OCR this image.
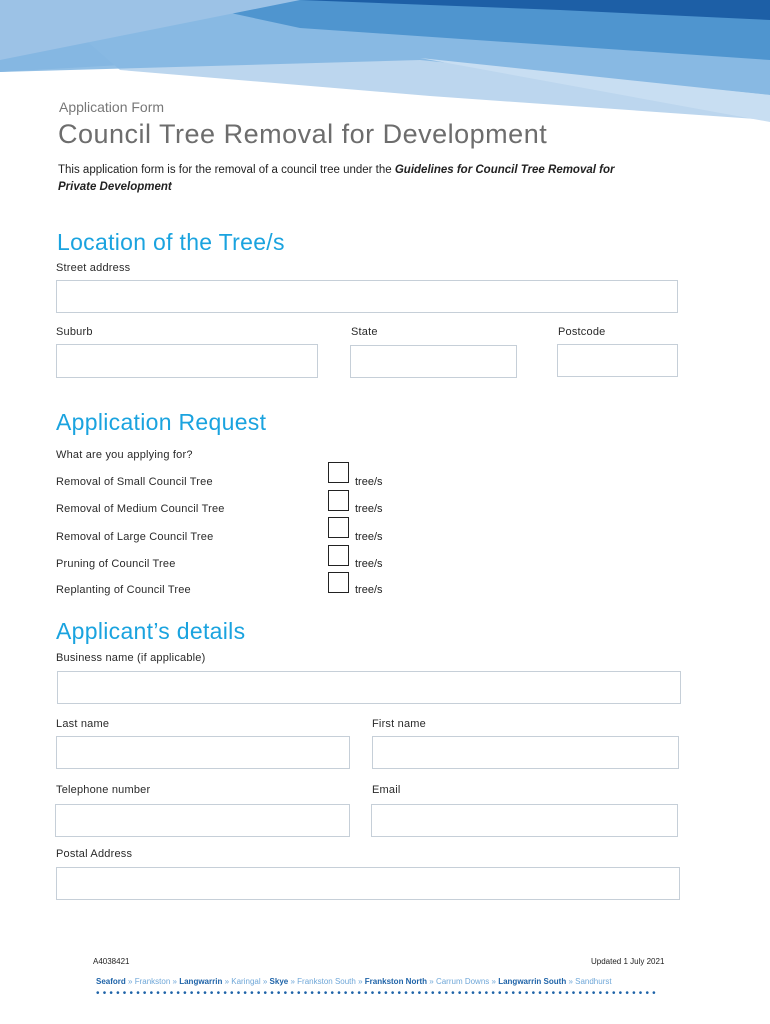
Application Form
Council Tree Removal for Development
This application form is for the removal of a council tree under the Guidelines for Council Tree Removal for Private Development
Location of the Tree/s
Street address
Suburb	State	Postcode
Application Request
What are you applying for?
Removal of Small Council Tree	tree/s
Removal of Medium Council Tree	tree/s
Removal of Large Council Tree	tree/s
Pruning of Council Tree	tree/s
Replanting of Council Tree	tree/s
Applicant’s details
Business name (if applicable)
Last name	First name
Telephone number	Email
Postal Address
A4038421	Updated 1 July 2021
Seaford » Frankston » Langwarrin » Karingal » Skye » Frankston South » Frankston North » Carrum Downs » Langwarrin South » Sandhurst
••••••••••••••••••••••••••••••••••••••••••••••••••••••••••••••••••••••••••••••••••••
